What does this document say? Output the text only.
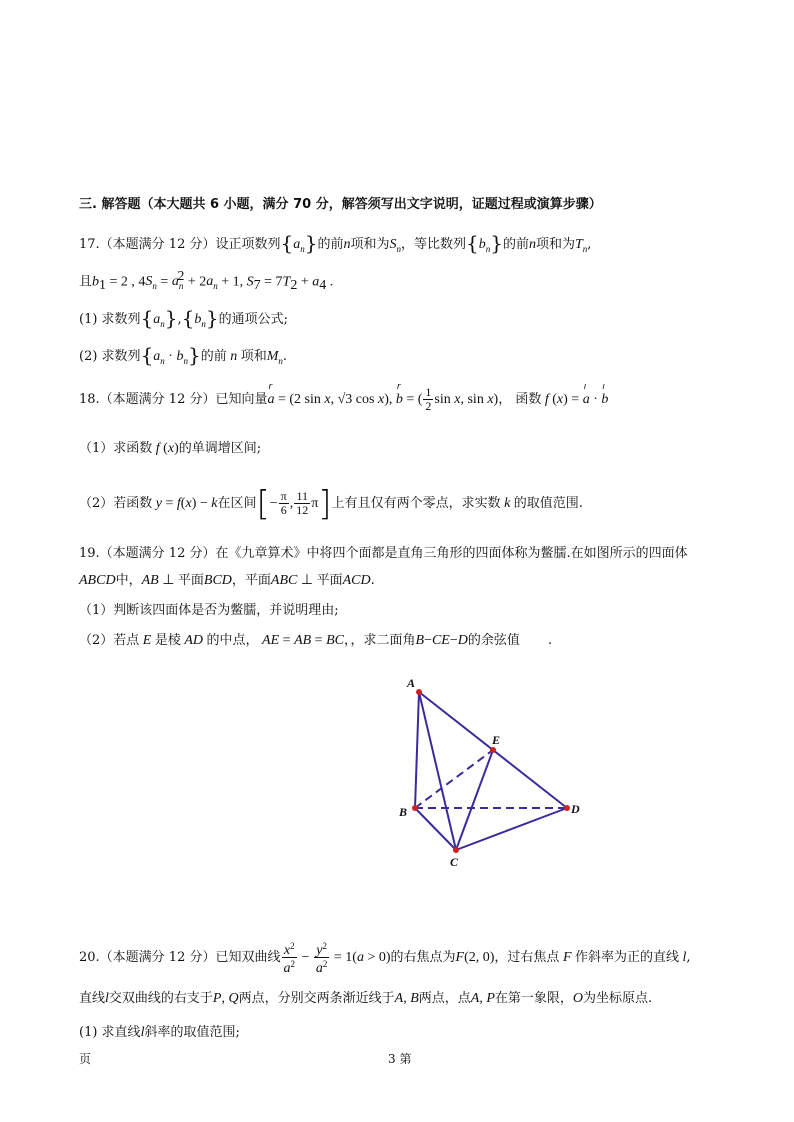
三. 解答题（本大题共 6 小题，满分 70 分，解答须写出文字说明，证题过程或演算步骤）
17.（本题满分 12 分）设正项数列$\{a_n\}$的前n项和为$S_n$，等比数列$\{b_n\}$的前n项和为$T_n$,
且$b_1 = 2$ , $4S_n = a_n^2 + 2a_n + 1$, $S_7 = 7T_2 + a_4$ .
(1) 求数列$\{a_n\},\{b_n\}$的通项公式;
(2) 求数列$\{a_n \cdot b_n\}$的前 n 项和$M_n$.
18.（本题满分 12 分）已知向量a
r
= (2 sin x, √3 cos x), b
r
= ( $\frac{1}{2}$ sin x, sin x)， 函数 f (x) = a
ı
· b
ı
（1）求函数 f (x)的单调增区间;
（2）若函数 y = f(x) − k在区间[− $\frac{\pi}{6}$ , $\frac{11}{12} \pi$]上有且仅有两个零点，求实数 k 的取值范围.
19.（本题满分 12 分）在《九章算术》中将四个面都是直角三角形的四面体称为鳖臑.在如图所示的四面体
ABCD中，AB ⊥ 平面BCD，平面ABC ⊥ 平面ACD.
（1）判断该四面体是否为鳖臑，并说明理由;
（2）若点 E 是棱 AD 的中点， AE = AB = BC，，求二面角B−CE−D的余弦值 .
A
B
C
D
E
20.（本题满分 12 分）已知双曲线 $\frac{x^2}{a^2} - \frac{y^2}{a^2} = 1(a > 0)$的右焦点为F(2, 0)，过右焦点 F 作斜率为正的直线 l,
直线l交双曲线的右支于P, Q两点，分别交两条渐近线于A, B两点，点A, P在第一象限，O为坐标原点.
(1) 求直线l斜率的取值范围;
页	3 第
